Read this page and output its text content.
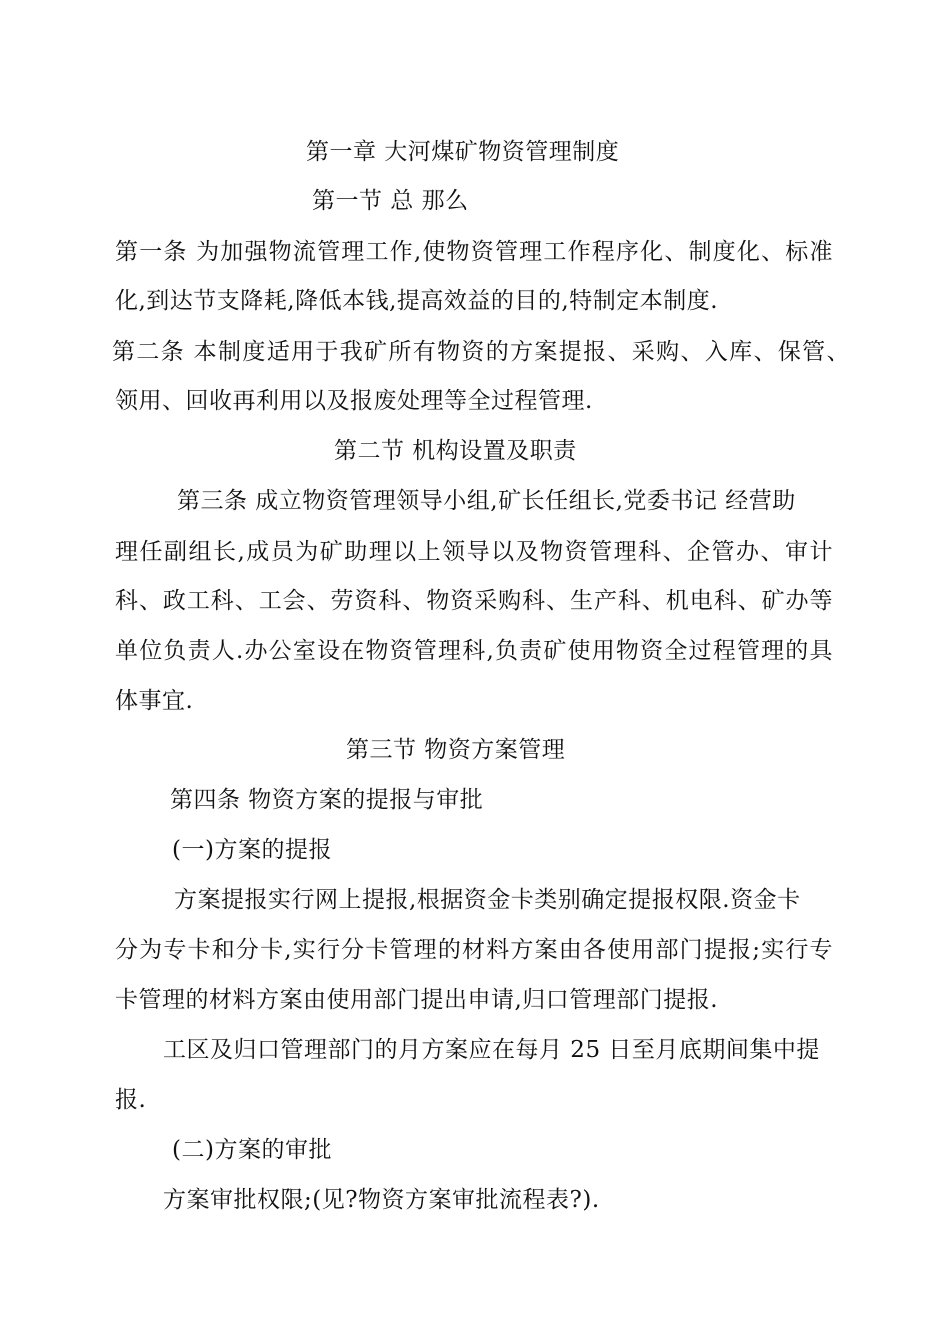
第一章 大河煤矿物资管理制度
第一节 总 那么
第一条 为加强物流管理工作,使物资管理工作程序化、制度化、标准
化,到达节支降耗,降低本钱,提高效益的目的,特制定本制度.
第二条 本制度适用于我矿所有物资的方案提报、采购、入库、保管、
领用、回收再利用以及报废处理等全过程管理.
第二节 机构设置及职责
第三条 成立物资管理领导小组,矿长任组长,党委书记 经营助
理任副组长,成员为矿助理以上领导以及物资管理科、企管办、审计
科、政工科、工会、劳资科、物资采购科、生产科、机电科、矿办等
单位负责人.办公室设在物资管理科,负责矿使用物资全过程管理的具
体事宜.
第三节 物资方案管理
第四条 物资方案的提报与审批
(一)方案的提报
方案提报实行网上提报,根据资金卡类别确定提报权限.资金卡
分为专卡和分卡,实行分卡管理的材料方案由各使用部门提报;实行专
卡管理的材料方案由使用部门提出申请,归口管理部门提报.
工区及归口管理部门的月方案应在每月 25 日至月底期间集中提
报.
(二)方案的审批
方案审批权限;(见?物资方案审批流程表?).
